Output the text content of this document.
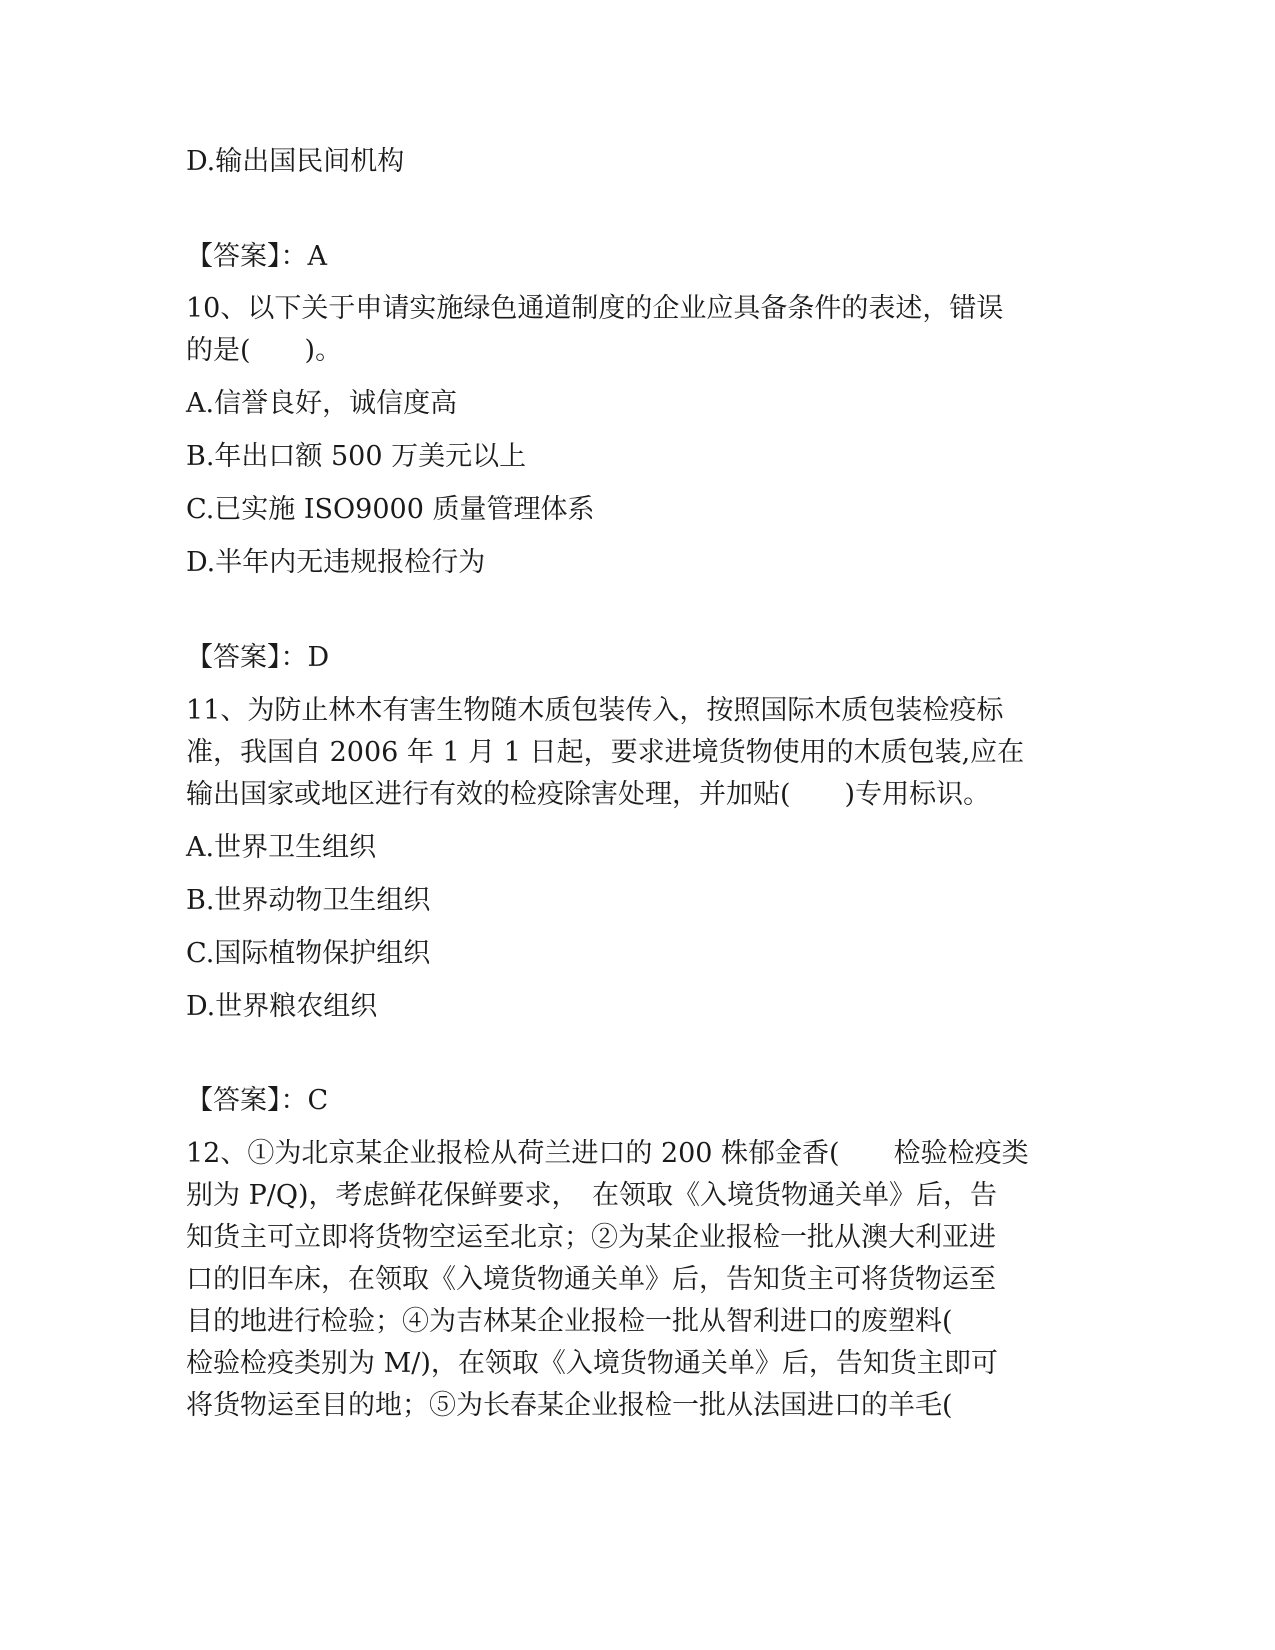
D.输出国民间机构
【答案】：A
10、以下关于申请实施绿色通道制度的企业应具备条件的表述，错误
的是(　　)。
A.信誉良好，诚信度高
B.年出口额 500 万美元以上
C.已实施 ISO9000 质量管理体系
D.半年内无违规报检行为
【答案】：D
11、为防止林木有害生物随木质包装传入，按照国际木质包装检疫标
准，我国自 2006 年 1 月 1 日起，要求进境货物使用的木质包装,应在
输出国家或地区进行有效的检疫除害处理，并加贴(　　)专用标识。
A.世界卫生组织
B.世界动物卫生组织
C.国际植物保护组织
D.世界粮农组织
【答案】：C
12、①为北京某企业报检从荷兰进口的 200 株郁金香(　　检验检疫类
别为 P/Q)，考虑鲜花保鲜要求，　在领取《入境货物通关单》后，告
知货主可立即将货物空运至北京；②为某企业报检一批从澳大利亚进
口的旧车床，在领取《入境货物通关单》后，告知货主可将货物运至
目的地进行检验；④为吉林某企业报检一批从智利进口的废塑料(
检验检疫类别为 M/)，在领取《入境货物通关单》后，告知货主即可
将货物运至目的地；⑤为长春某企业报检一批从法国进口的羊毛(
